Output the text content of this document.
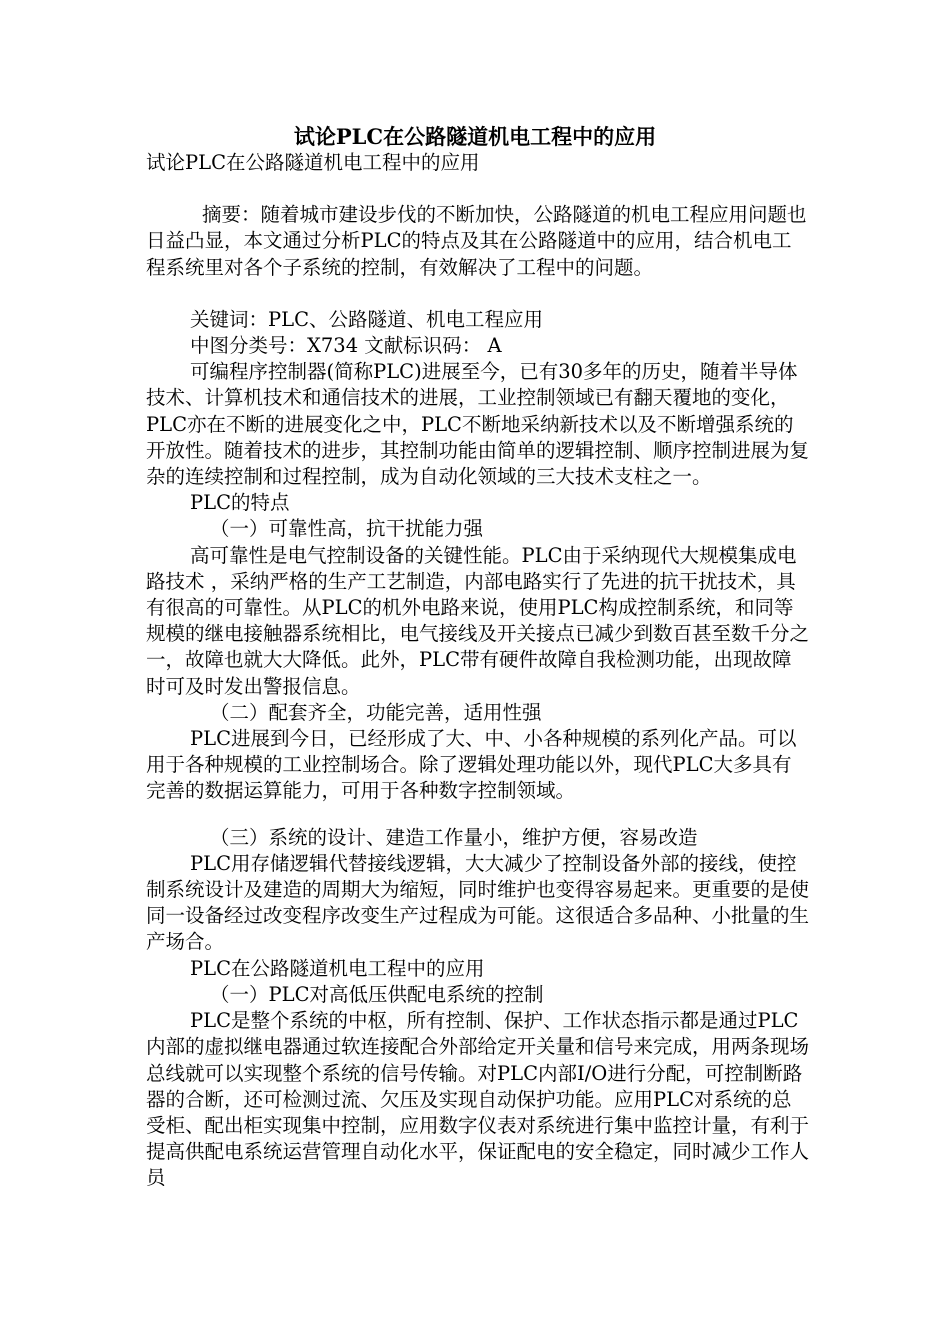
试论PLC在公路隧道机电工程中的应用

试论PLC在公路隧道机电工程中的应用

摘要：随着城市建设步伐的不断加快，公路隧道的机电工程应用问题也日益凸显，本文通过分析PLC的特点及其在公路隧道中的应用，结合机电工程系统里对各个子系统的控制，有效解决了工程中的问题。

关键词：PLC、公路隧道、机电工程应用

中图分类号：X734 文献标识码： A

可编程序控制器(简称PLC)进展至今，已有30多年的历史，随着半导体技术、计算机技术和通信技术的进展，工业控制领域已有翻天覆地的变化，PLC亦在不断的进展变化之中，PLC不断地采纳新技术以及不断增强系统的开放性。随着技术的进步，其控制功能由简单的逻辑控制、顺序控制进展为复杂的连续控制和过程控制，成为自动化领域的三大技术支柱之一。

PLC的特点

（一）可靠性高，抗干扰能力强

高可靠性是电气控制设备的关键性能。PLC由于采纳现代大规模集成电路技术 ，采纳严格的生产工艺制造，内部电路实行了先进的抗干扰技术，具有很高的可靠性。从PLC的机外电路来说，使用PLC构成控制系统，和同等规模的继电接触器系统相比，电气接线及开关接点已减少到数百甚至数千分之一，故障也就大大降低。此外，PLC带有硬件故障自我检测功能，出现故障时可及时发出警报信息。

（二）配套齐全，功能完善，适用性强

PLC进展到今日，已经形成了大、中、小各种规模的系列化产品。可以用于各种规模的工业控制场合。除了逻辑处理功能以外，现代PLC大多具有完善的数据运算能力，可用于各种数字控制领域。

（三）系统的设计、建造工作量小，维护方便，容易改造

PLC用存储逻辑代替接线逻辑，大大减少了控制设备外部的接线，使控制系统设计及建造的周期大为缩短，同时维护也变得容易起来。更重要的是使同一设备经过改变程序改变生产过程成为可能。这很适合多品种、小批量的生产场合。

PLC在公路隧道机电工程中的应用

（一）PLC对高低压供配电系统的控制

PLC是整个系统的中枢，所有控制、保护、工作状态指示都是通过PLC内部的虚拟继电器通过软连接配合外部给定开关量和信号来完成，用两条现场总线就可以实现整个系统的信号传输。对PLC内部I/O进行分配，可控制断路器的合断，还可检测过流、欠压及实现自动保护功能。应用PLC对系统的总受柜、配出柜实现集中控制，应用数字仪表对系统进行集中监控计量，有利于提高供配电系统运营管理自动化水平，保证配电的安全稳定，同时减少工作人员
